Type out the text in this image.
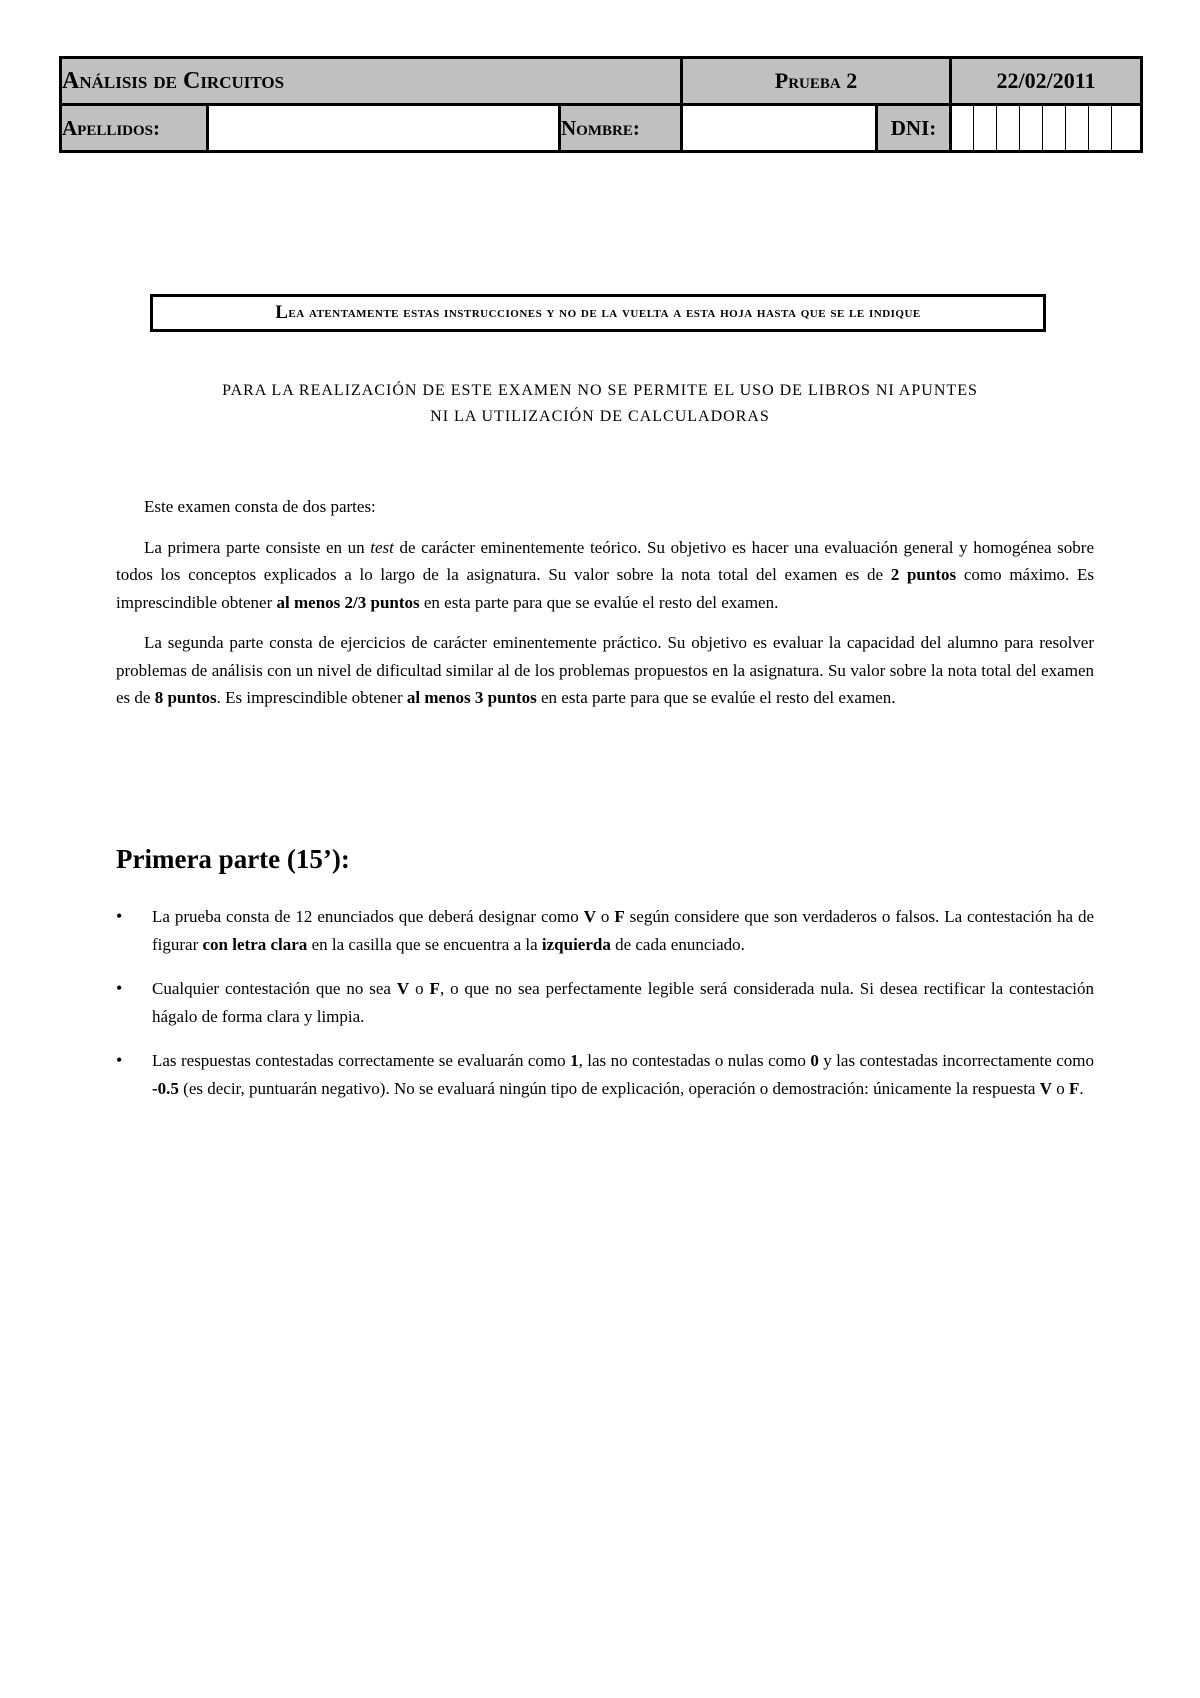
Análisis de Circuitos			Prueba 2		22/02/2011							
Apellidos:		Nombre:		DNI:								
L ea atentamente estas instrucciones y no de la vuelta a esta hoja hasta que se le indique
PARA LA REALIZACIÓN DE ESTE EXAMEN NO SE PERMITE EL USO DE LIBROS NI APUNTES
NI LA UTILIZACIÓN DE CALCULADORAS

Este examen consta de dos partes:

La primera parte consiste en un test de carácter eminentemente teórico. Su objetivo es hacer una evaluación general y homogénea sobre todos los conceptos explicados a lo largo de la asignatura. Su valor sobre la nota total del examen es de 2 puntos como máximo. Es imprescindible obtener al menos 2/3 puntos en esta parte para que se evalúe el resto del examen.

La segunda parte consta de ejercicios de carácter eminentemente práctico. Su objetivo es evaluar la capacidad del alumno para resolver problemas de análisis con un nivel de dificultad similar al de los problemas propuestos en la asignatura. Su valor sobre la nota total del examen es de 8 puntos. Es imprescindible obtener al menos 3 puntos en esta parte para que se evalúe el resto del examen.

Primera parte (15’):
• La prueba consta de 12 enunciados que deberá designar como V o F según considere que son verdaderos o falsos. La contestación ha de figurar con letra clara en la casilla que se encuentra a la izquierda de cada enunciado.
• Cualquier contestación que no sea V o F, o que no sea perfectamente legible será considerada nula. Si desea rectificar la contestación hágalo de forma clara y limpia.
• Las respuestas contestadas correctamente se evaluarán como 1, las no contestadas o nulas como 0 y las contestadas incorrectamente como -0.5 (es decir, puntuarán negativo). No se evaluará ningún tipo de explicación, operación o demostración: únicamente la respuesta V o F.
